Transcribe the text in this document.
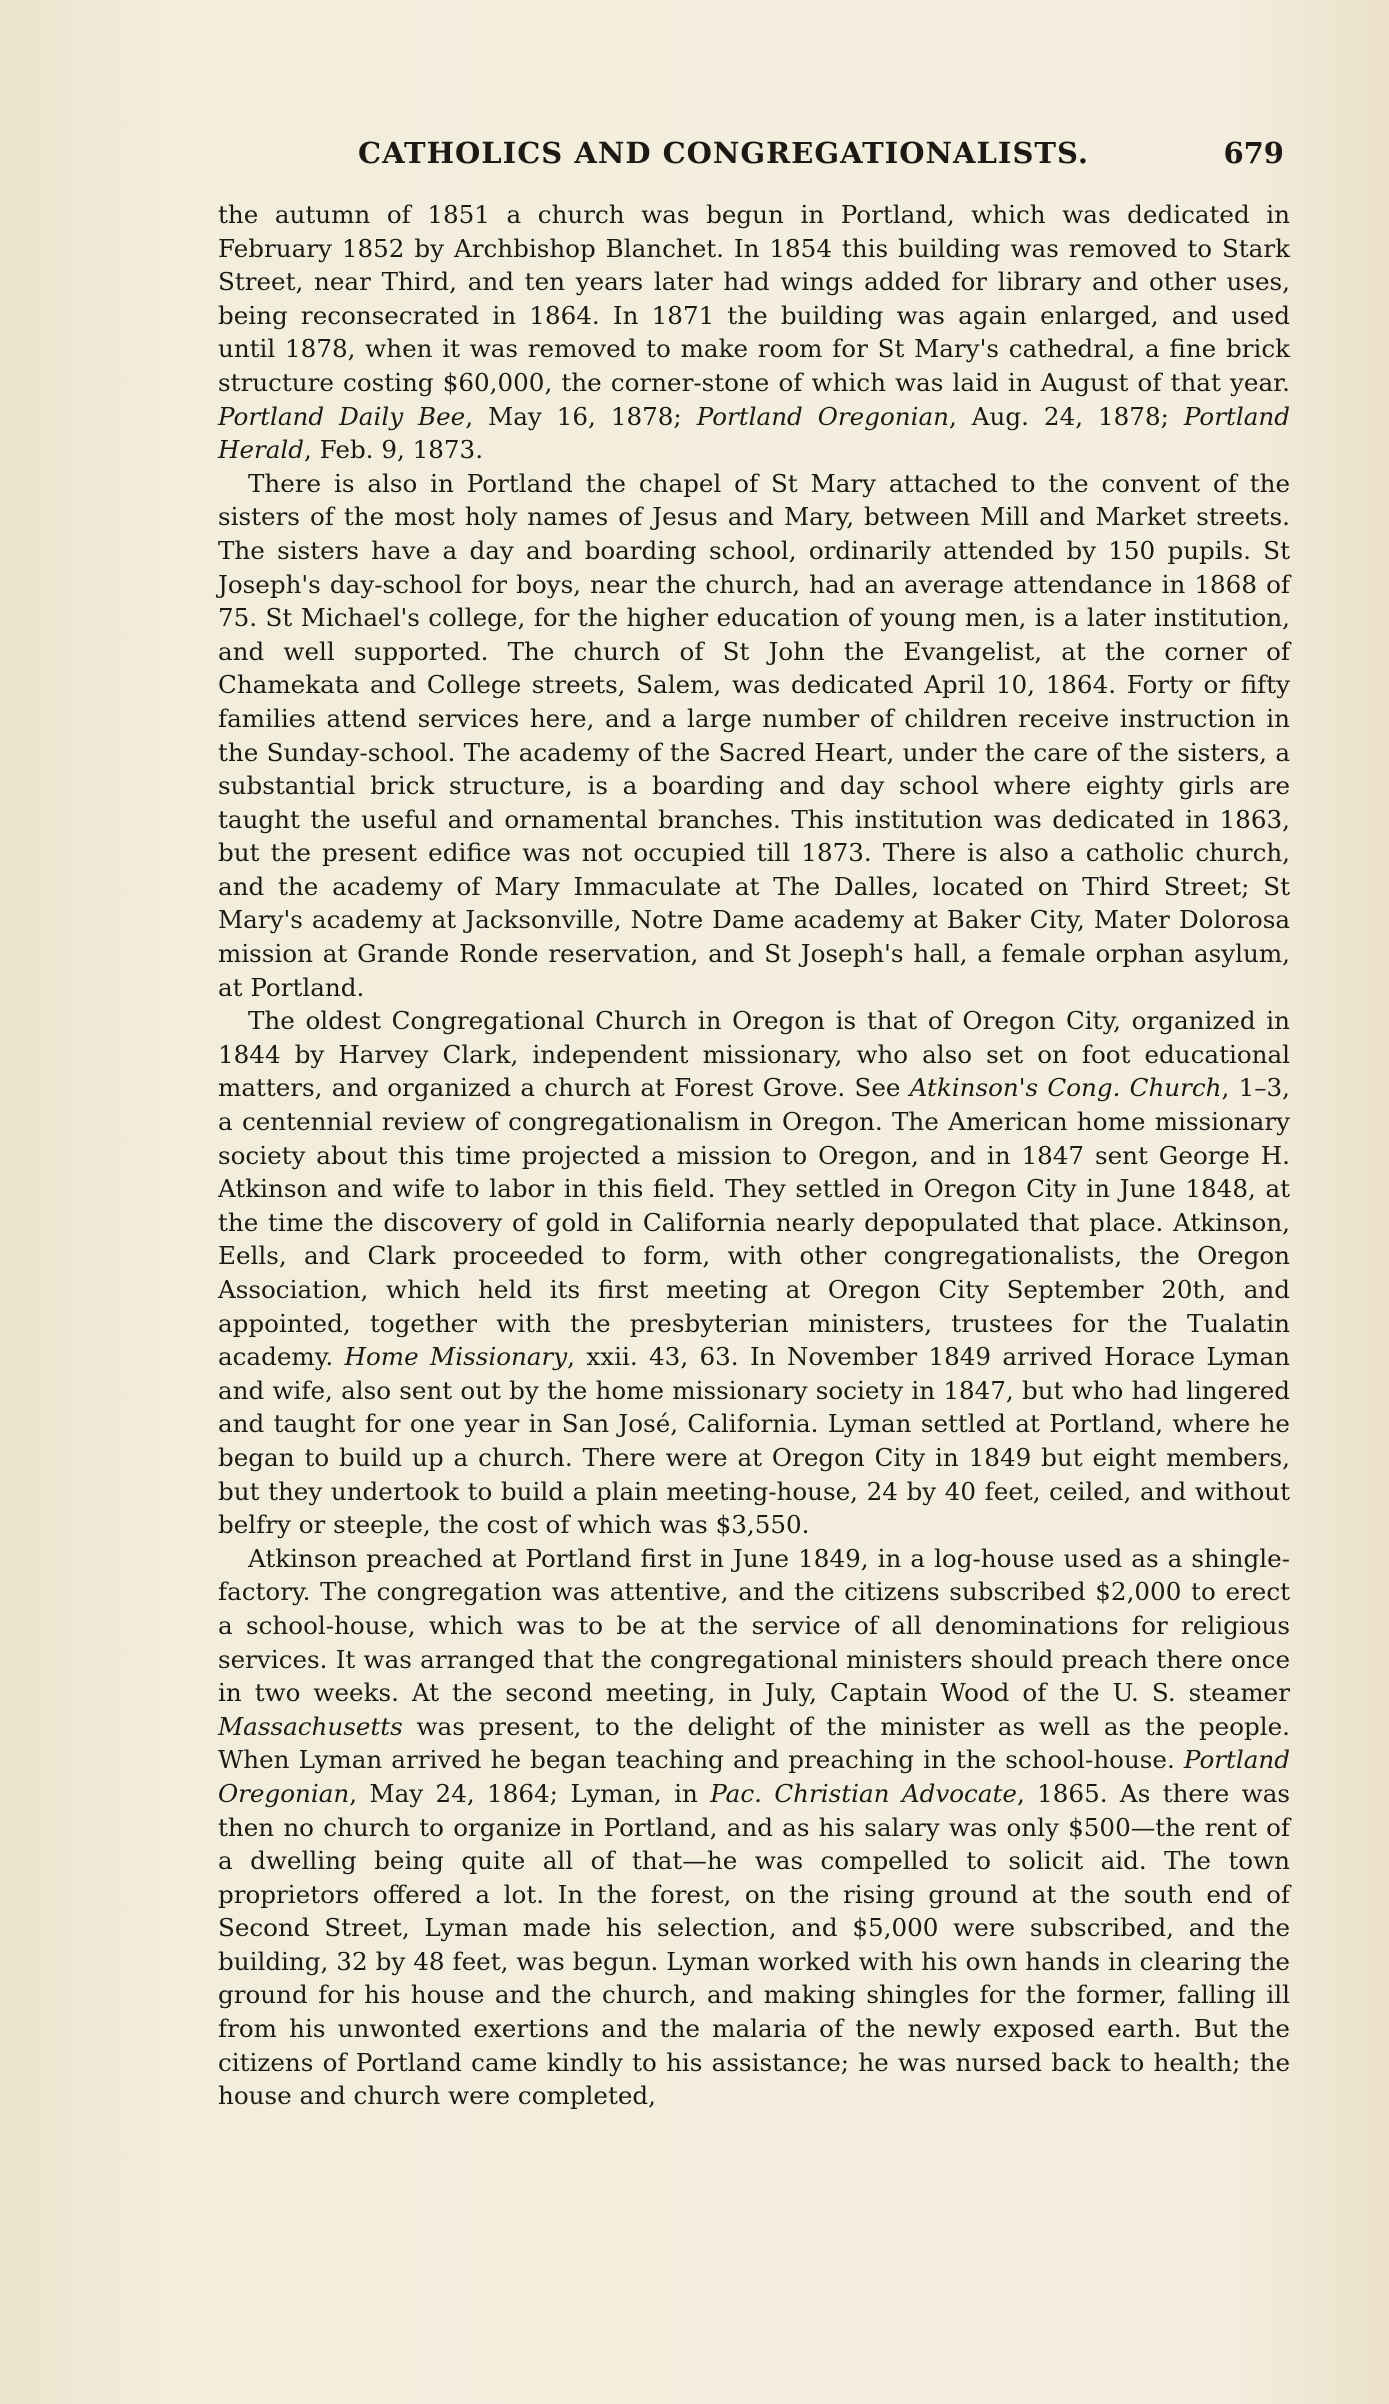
CATHOLICS AND CONGREGATIONALISTS.	679

the autumn of 1851 a church was begun in Portland, which was dedicated in February 1852 by Archbishop Blanchet. In 1854 this building was removed to Stark Street, near Third, and ten years later had wings added for library and other uses, being reconsecrated in 1864. In 1871 the building was again enlarged, and used until 1878, when it was removed to make room for St Mary's cathedral, a fine brick structure costing $60,000, the corner-stone of which was laid in August of that year. Portland Daily Bee, May 16, 1878; Portland Oregonian, Aug. 24, 1878; Portland Herald, Feb. 9, 1873.

There is also in Portland the chapel of St Mary attached to the convent of the sisters of the most holy names of Jesus and Mary, between Mill and Market streets. The sisters have a day and boarding school, ordinarily attended by 150 pupils. St Joseph's day-school for boys, near the church, had an average attendance in 1868 of 75. St Michael's college, for the higher education of young men, is a later institution, and well supported. The church of St John the Evangelist, at the corner of Chamekata and College streets, Salem, was dedicated April 10, 1864. Forty or fifty families attend services here, and a large number of children receive instruction in the Sunday-school. The academy of the Sacred Heart, under the care of the sisters, a substantial brick structure, is a boarding and day school where eighty girls are taught the useful and ornamental branches. This institution was dedicated in 1863, but the present edifice was not occupied till 1873. There is also a catholic church, and the academy of Mary Immaculate at The Dalles, located on Third Street; St Mary's academy at Jacksonville, Notre Dame academy at Baker City, Mater Dolorosa mission at Grande Ronde reservation, and St Joseph's hall, a female orphan asylum, at Portland.

The oldest Congregational Church in Oregon is that of Oregon City, organized in 1844 by Harvey Clark, independent missionary, who also set on foot educational matters, and organized a church at Forest Grove. See Atkinson's Cong. Church, 1–3, a centennial review of congregationalism in Oregon. The American home missionary society about this time projected a mission to Oregon, and in 1847 sent George H. Atkinson and wife to labor in this field. They settled in Oregon City in June 1848, at the time the discovery of gold in California nearly depopulated that place. Atkinson, Eells, and Clark proceeded to form, with other congregationalists, the Oregon Association, which held its first meeting at Oregon City September 20th, and appointed, together with the presbyterian ministers, trustees for the Tualatin academy. Home Missionary, xxii. 43, 63. In November 1849 arrived Horace Lyman and wife, also sent out by the home missionary society in 1847, but who had lingered and taught for one year in San José, California. Lyman settled at Portland, where he began to build up a church. There were at Oregon City in 1849 but eight members, but they undertook to build a plain meeting-house, 24 by 40 feet, ceiled, and without belfry or steeple, the cost of which was $3,550.

Atkinson preached at Portland first in June 1849, in a log-house used as a shingle-factory. The congregation was attentive, and the citizens subscribed $2,000 to erect a school-house, which was to be at the service of all denominations for religious services. It was arranged that the congregational ministers should preach there once in two weeks. At the second meeting, in July, Captain Wood of the U. S. steamer Massachusetts was present, to the delight of the minister as well as the people. When Lyman arrived he began teaching and preaching in the school-house. Portland Oregonian, May 24, 1864; Lyman, in Pac. Christian Advocate, 1865. As there was then no church to organize in Portland, and as his salary was only $500—the rent of a dwelling being quite all of that—he was compelled to solicit aid. The town proprietors offered a lot. In the forest, on the rising ground at the south end of Second Street, Lyman made his selection, and $5,000 were subscribed, and the building, 32 by 48 feet, was begun. Lyman worked with his own hands in clearing the ground for his house and the church, and making shingles for the former, falling ill from his unwonted exertions and the malaria of the newly exposed earth. But the citizens of Portland came kindly to his assistance; he was nursed back to health; the house and church were completed,
